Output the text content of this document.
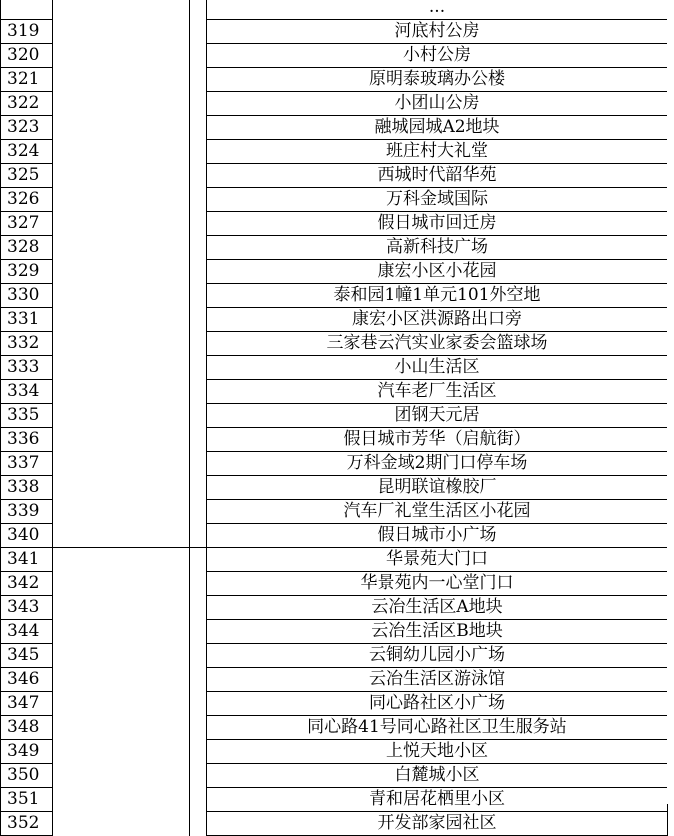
			...
319			河底村公房
320			小村公房
321			原明泰玻璃办公楼
322			小团山公房
323			融城园城A2地块
324			班庄村大礼堂
325			西城时代韶华苑
326			万科金域国际
327			假日城市回迁房
328			高新科技广场
329			康宏小区小花园
330			泰和园1幢1单元101外空地
331			康宏小区洪源路出口旁
332			三家巷云汽实业家委会篮球场
333			小山生活区
334			汽车老厂生活区
335			团钢天元居
336			假日城市芳华（启航街）
337			万科金域2期门口停车场
338			昆明联谊橡胶厂
339			汽车厂礼堂生活区小花园
340			假日城市小广场
341			华景苑大门口
342			华景苑内一心堂门口
343			云冶生活区A地块
344			云冶生活区B地块
345			云铜幼儿园小广场
346			云冶生活区游泳馆
347			同心路社区小广场
348			同心路41号同心路社区卫生服务站
349			上悦天地小区
350			白麓城小区
351			青和居花栖里小区
352			开发部家园社区
